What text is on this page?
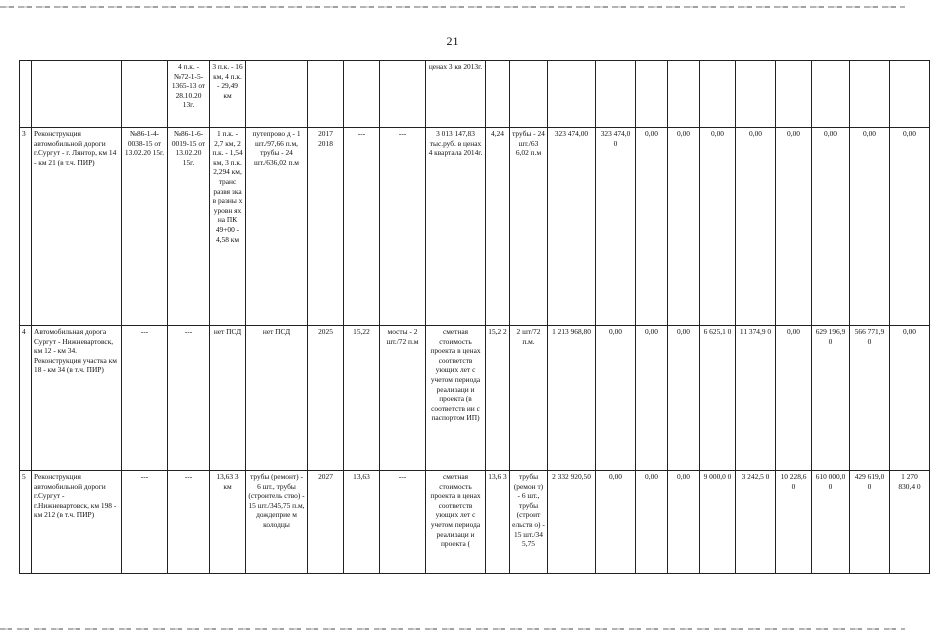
21
			4 п.к. - №72-1-5-1365-13 от 28.10.20 13г.	3 п.к. - 16 км, 4 п.к. - 29,49 км					ценах 3 кв 2013г.												
3	Реконструкция автомобильной дороги г.Сургут - г. Лянтор, км 14 - км 21 (в т.ч. ПИР)	№86-1-4-0038-15 от 13.02.20 15г.	№86-1-6-0019-15 от 13.02.20 15г.	1 п.к. - 2,7 км, 2 п.к. - 1,54 км, 3 п.к. 2,294 км, транс развя зка в разны х уровн ях на ПК 49+00 - 4,58 км	путепрово д - 1 шт./97,66 п.м, трубы - 24 шт./636,02 п.м	2017 2018	---	---	3 013 147,83 тыс.руб. в ценах 4 квартала 2014г.	4,24	трубы - 24 шт./63 6,02 п.м	323 474,00	323 474,0 0	0,00	0,00	0,00	0,00	0,00	0,00	0,00	0,00
4	Автомобильная дорога Сургут - Нижневартовск, км 12 - км 34. Реконструкция участка км 18 - км 34 (в т.ч. ПИР)	---	---	нет ПСД	нет ПСД	2025	15,22	мосты - 2 шт./72 п.м	сметная стоимость проекта в ценах соответств ующих лет с учетом периода реализаци и проекта (в соответств ии с паспортом ИП)	15,2 2	2 шт/72 п.м.	1 213 968,80	0,00	0,00	0,00	6 625,1 0	11 374,9 0	0,00	629 196,9 0	566 771,9 0	0,00
5	Реконструкция автомобильной дороги г.Сургут - г.Нижневартовск, км 198 - км 212 (в т.ч. ПИР)	---	---	13,63 3 км	трубы (ремонт) - 6 шт., трубы (строитель ство) - 15 шт./345,75 п.м, дождеприе м колодцы	2027	13,63	---	сметная стоимость проекта в ценах соответств ующих лет с учетом периода реализаци и проекта (	13,6 3	трубы (ремон т) - 6 шт., трубы (строит ельств о) - 15 шт./34 5,75	2 332 920,50	0,00	0,00	0,00	9 000,0 0	3 242,5 0	10 228,6 0	610 000,0 0	429 619,0 0	1 270 830,4 0
